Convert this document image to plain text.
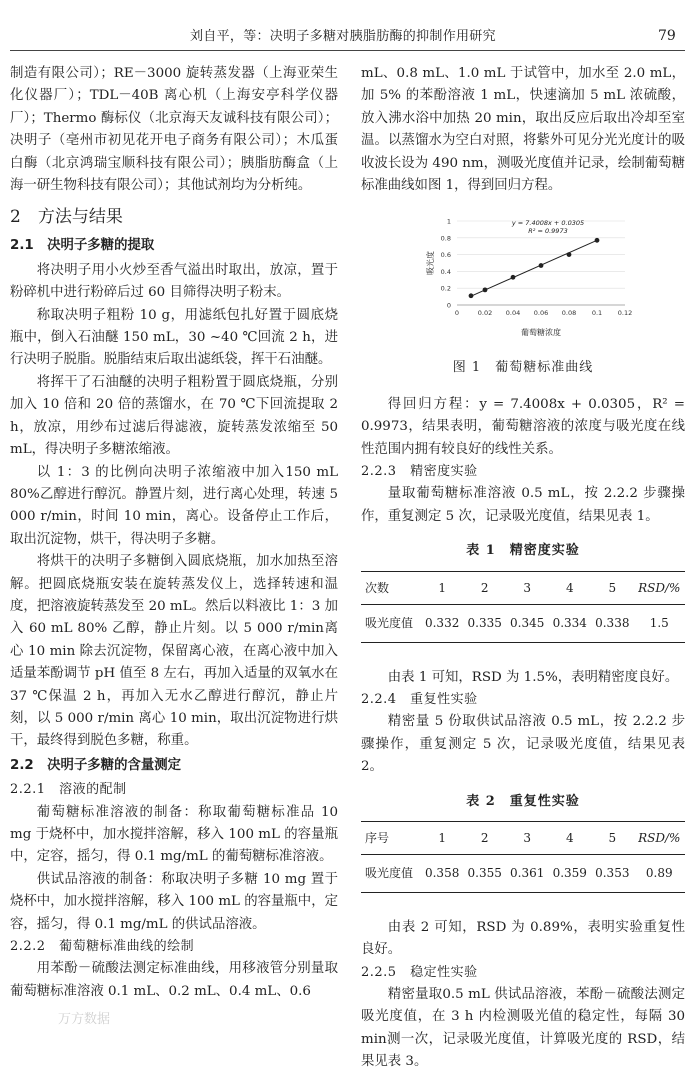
刘自平，等：决明子多糖对胰脂肪酶的抑制作用研究	79

制造有限公司）；RE－3000 旋转蒸发器（上海亚荣生化仪器厂）；TDL－40B 离心机（上海安亭科学仪器厂）；Thermo 酶标仪（北京海天友诚科技有限公司）；决明子（亳州市初见花开电子商务有限公司）；木瓜蛋白酶（北京鸿瑞宝顺科技有限公司）；胰脂肪酶盒（上海一研生物科技有限公司）；其他试剂均为分析纯。

2　方法与结果
2.1　决明子多糖的提取

将决明子用小火炒至香气溢出时取出，放凉，置于粉碎机中进行粉碎后过 60 目筛得决明子粉末。

称取决明子粗粉 10 g，用滤纸包扎好置于圆底烧瓶中，倒入石油醚 150 mL，30 ~40 ℃回流 2 h，进行决明子脱脂。脱脂结束后取出滤纸袋，挥干石油醚。

将挥干了石油醚的决明子粗粉置于圆底烧瓶，分别加入 10 倍和 20 倍的蒸馏水，在 70 ℃下回流提取 2 h，放凉，用纱布过滤后得滤液，旋转蒸发浓缩至 50 mL，得决明子多糖浓缩液。

以 1：3 的比例向决明子浓缩液中加入150 mL 80%乙醇进行醇沉。静置片刻，进行离心处理，转速 5 000 r/min，时间 10 min，离心。设备停止工作后，取出沉淀物，烘干，得决明子多糖。

将烘干的决明子多糖倒入圆底烧瓶，加水加热至溶解。把圆底烧瓶安装在旋转蒸发仪上，选择转速和温度，把溶液旋转蒸发至 20 mL。然后以料液比 1：3 加入 60 mL 80% 乙醇，静止片刻。以 5 000 r/min离心 10 min 除去沉淀物，保留离心液，在离心液中加入适量苯酚调节 pH 值至 8 左右，再加入适量的双氧水在 37 ℃保温 2 h，再加入无水乙醇进行醇沉，静止片刻，以 5 000 r/min 离心 10 min，取出沉淀物进行烘干，最终得到脱色多糖，称重。

2.2　决明子多糖的含量测定
2.2.1　溶液的配制

葡萄糖标准溶液的制备：称取葡萄糖标准品 10 mg 于烧杯中，加水搅拌溶解，移入 100 mL 的容量瓶中，定容，摇匀，得 0.1 mg/mL 的葡萄糖标准溶液。

供试品溶液的制备：称取决明子多糖 10 mg 置于烧杯中，加水搅拌溶解，移入 100 mL 的容量瓶中，定容，摇匀，得 0.1 mg/mL 的供试品溶液。

2.2.2　葡萄糖标准曲线的绘制

用苯酚－硫酸法测定标准曲线，用移液管分别量取葡萄糖标准溶液 0.1 mL、0.2 mL、0.4 mL、0.6

mL、0.8 mL、1.0 mL 于试管中，加水至 2.0 mL，加 5% 的苯酚溶液 1 mL，快速滴加 5 mL 浓硫酸，放入沸水浴中加热 20 min，取出反应后取出冷却至室温。以蒸馏水为空白对照，将紫外可见分光光度计的吸收波长设为 490 nm，测吸光度值并记录，绘制葡萄糖标准曲线如图 1，得到回归方程。

0
0.2
0.4
0.6
0.8
1
0	0.02 0.04 0.06 0.08 0.1 0.12
y = 7.4008x + 0.0305
R² = 0.9973
葡萄糖浓度
吸光度
图 1　葡萄糖标准曲线

得回归方程：y = 7.4008x + 0.0305，R² = 0.9973，结果表明，葡萄糖溶液的浓度与吸光度在线性范围内拥有较良好的线性关系。

2.2.3　精密度实验

量取葡萄糖标准溶液 0.5 mL，按 2.2.2 步骤操作，重复测定 5 次，记录吸光度值，结果见表 1。

表 1　精密度实验
次数	1	2	3	4	5	RSD/%
吸光度值	0.332	0.335	0.345	0.334	0.338	1.5

由表 1 可知，RSD 为 1.5%，表明精密度良好。

2.2.4　重复性实验

精密量 5 份取供试品溶液 0.5 mL，按 2.2.2 步骤操作，重复测定 5 次，记录吸光度值，结果见表 2。

表 2　重复性实验
序号	1	2	3	4	5	RSD/%
吸光度值	0.358	0.355	0.361	0.359	0.353	0.89

由表 2 可知，RSD 为 0.89%，表明实验重复性良好。

2.2.5　稳定性实验

精密量取0.5 mL 供试品溶液，苯酚－硫酸法测定吸光度值，在 3 h 内检测吸光值的稳定性，每隔 30 min测一次，记录吸光度值，计算吸光度的 RSD，结果见表 3。

万方数据
